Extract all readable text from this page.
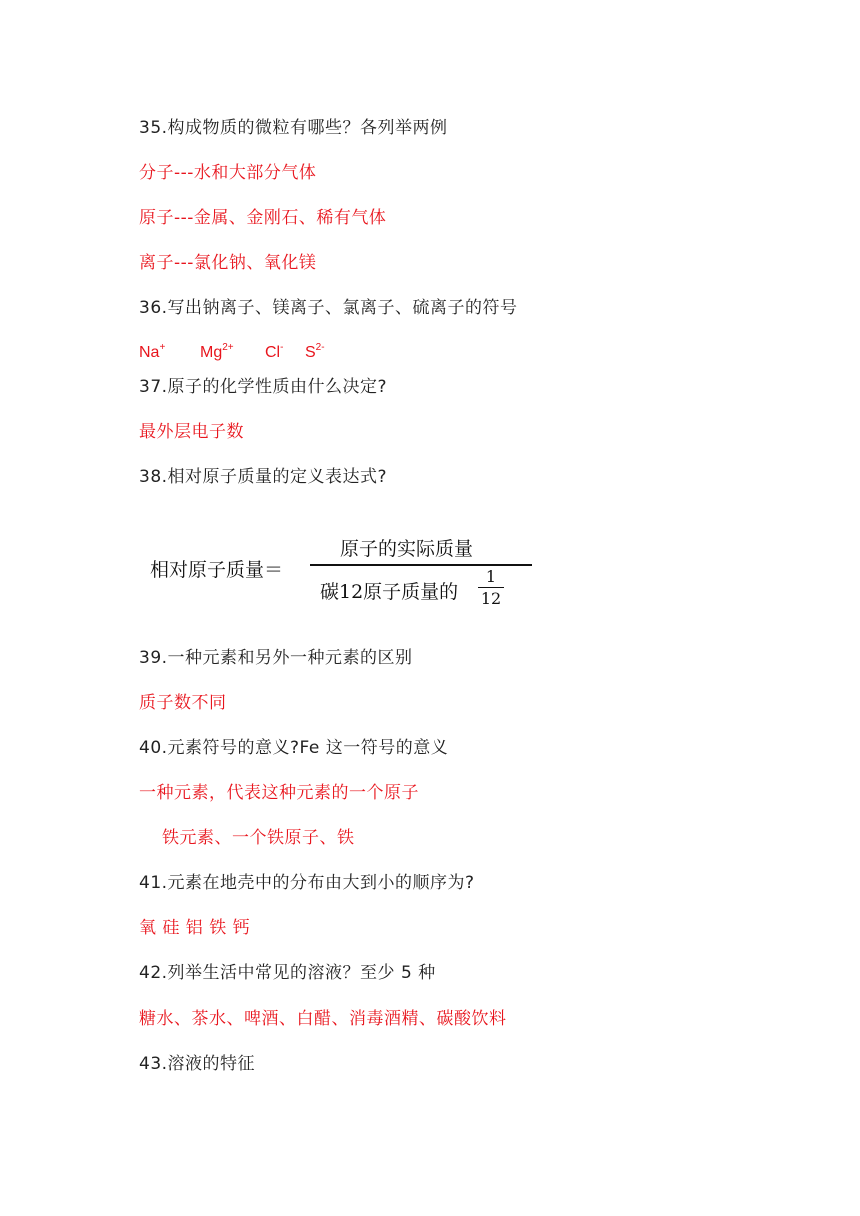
35.构成物质的微粒有哪些？各列举两例
分子---水和大部分气体
原子---金属、金刚石、稀有气体
离子---氯化钠、氧化镁
36.写出钠离子、镁离子、氯离子、硫离子的符号
Na+ $Mg^{2+}$ Cl- $S^{2-}$
37.原子的化学性质由什么决定?
最外层电子数
38.相对原子质量的定义表达式?
相对原子质量＝
原子的实际质量
碳12原子质量的
1
12
39.一种元素和另外一种元素的区别
质子数不同
40.元素符号的意义?Fe 这一符号的意义
一种元素，代表这种元素的一个原子
铁元素、一个铁原子、铁
41.元素在地壳中的分布由大到小的顺序为?
氧 硅 铝 铁 钙
42.列举生活中常见的溶液？至少 5 种
糖水、茶水、啤酒、白醋、消毒酒精、碳酸饮料
43.溶液的特征
